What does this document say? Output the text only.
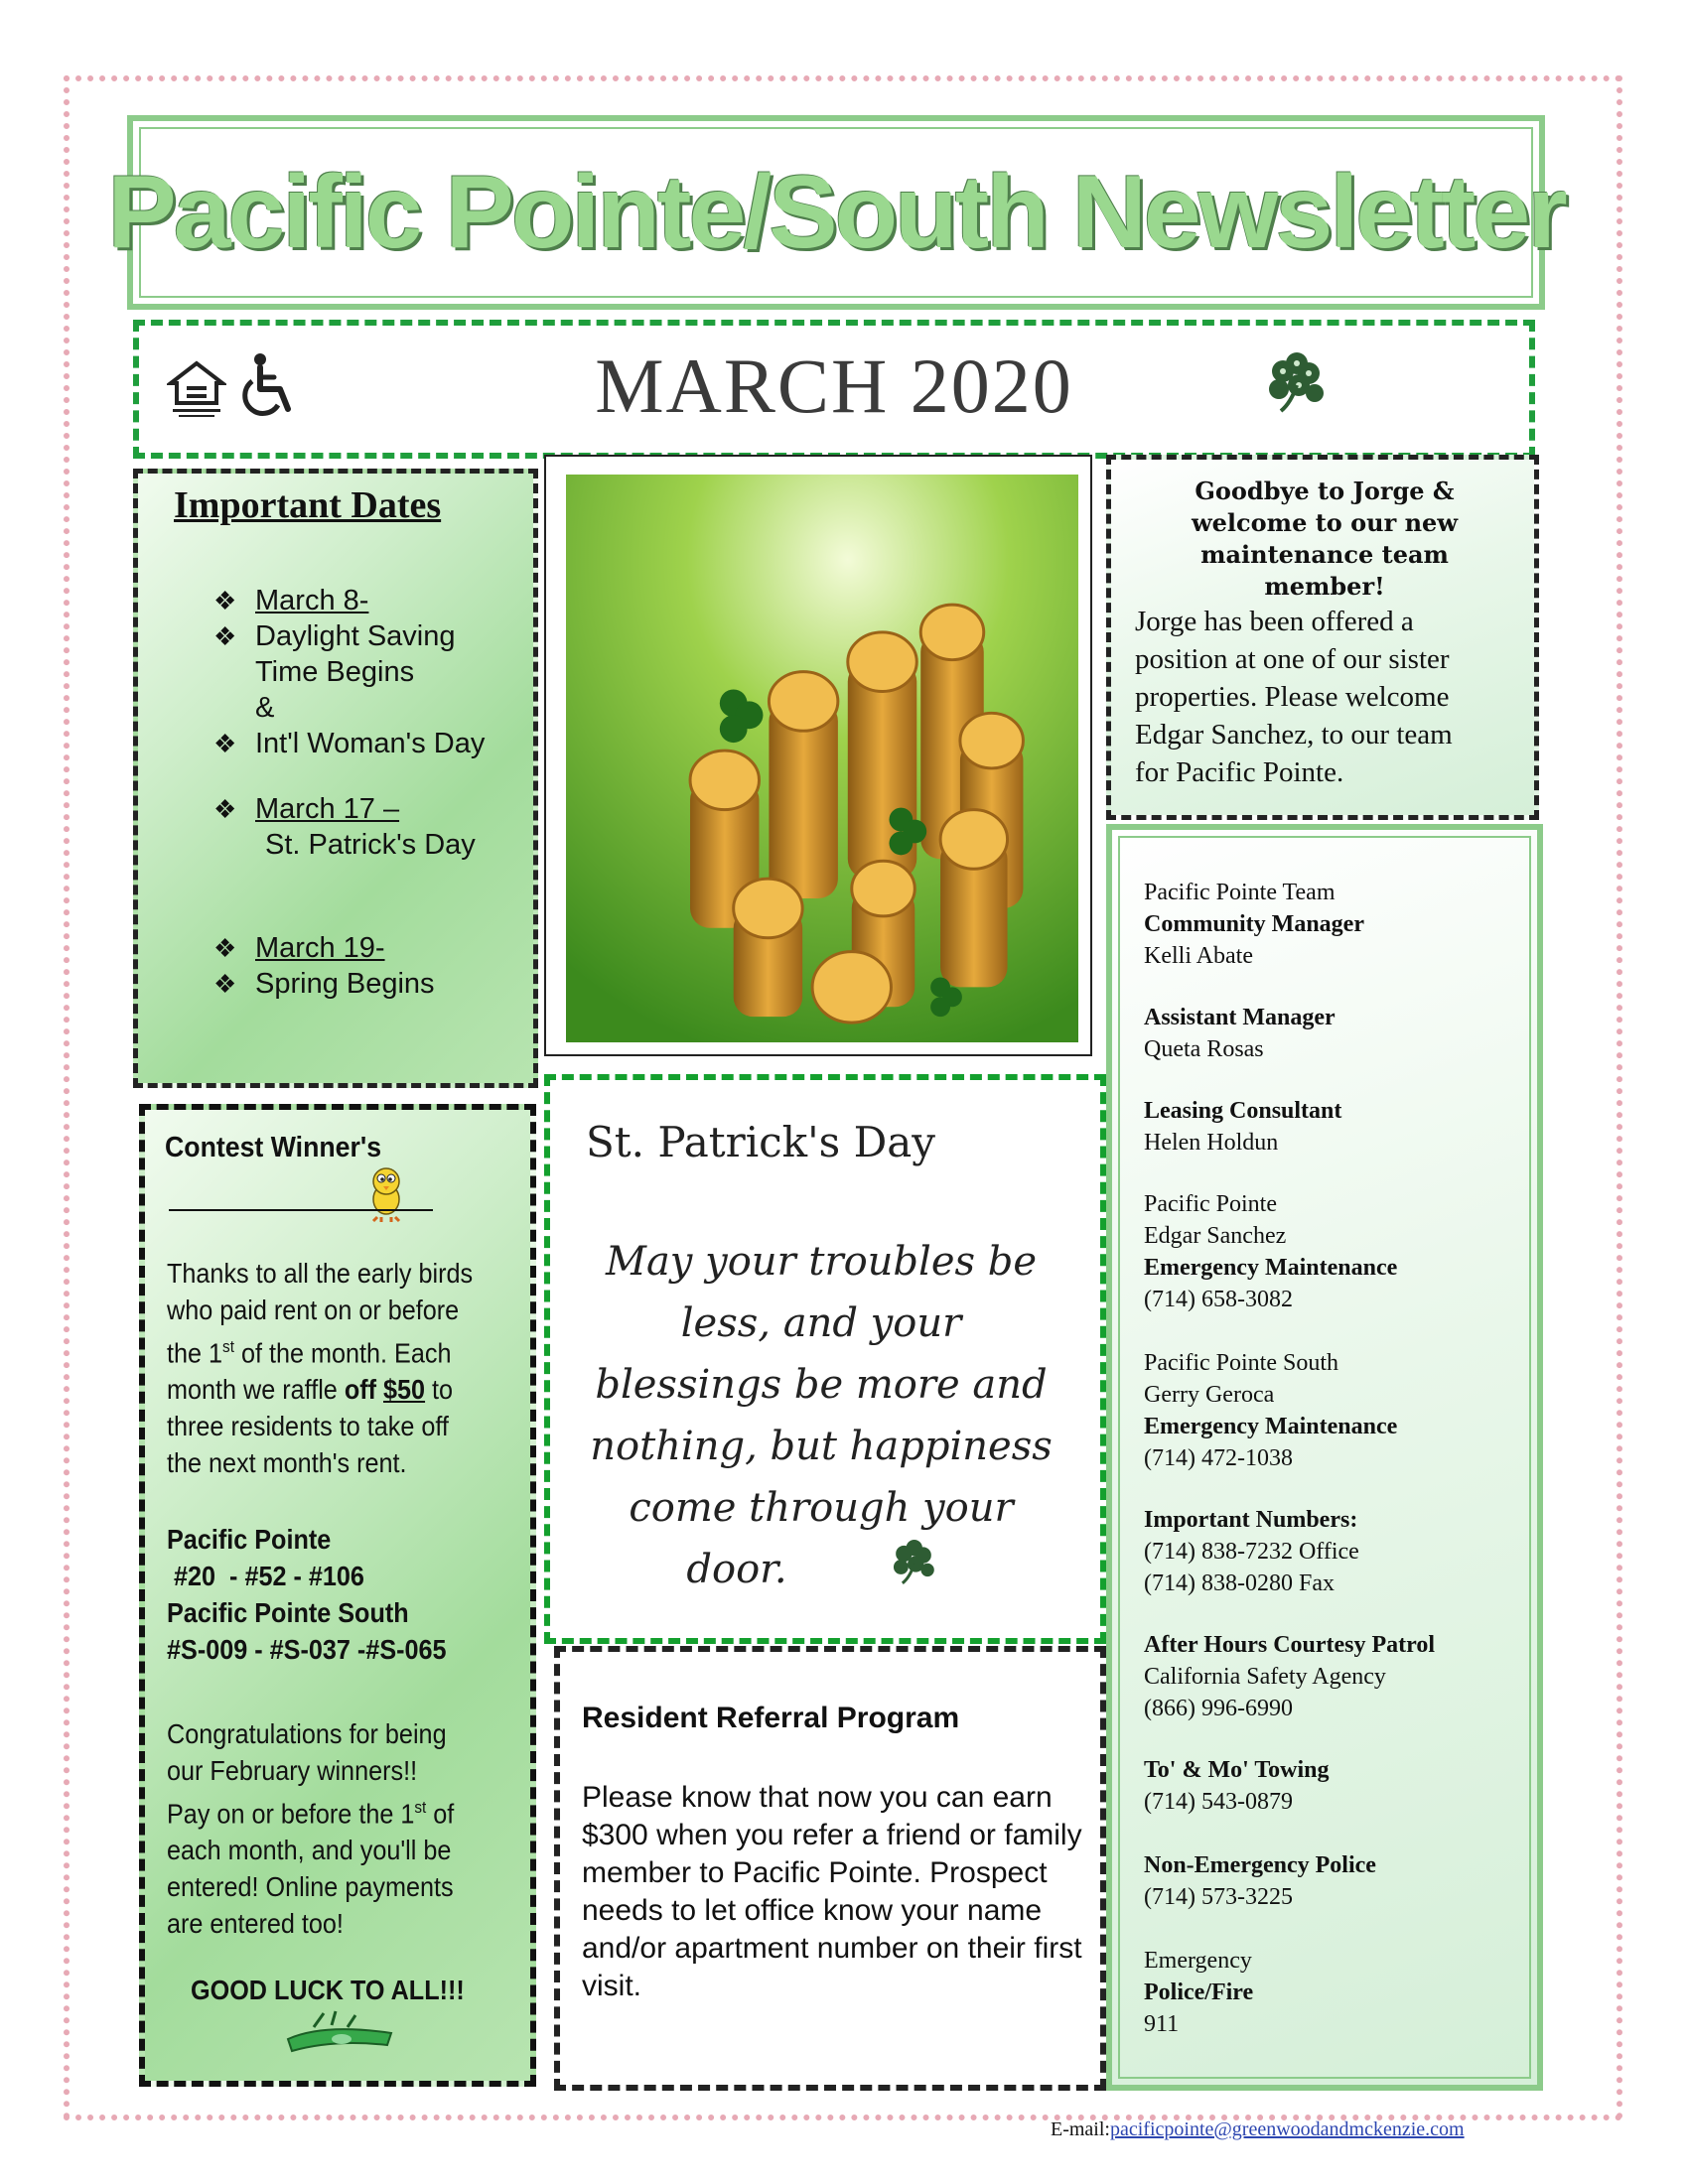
Pacific Pointe/South Newsletter
MARCH 2020
Important Dates
❖ March 8-
❖ Daylight Saving
Time Begins
&
❖ Int'l Woman's Day
❖ March 17 –
St. Patrick's Day
❖ March 19-
❖ Spring Begins
Contest Winner's
Thanks to all the early birds
who paid rent on or before
the 1st of the month. Each
month we raffle off $50 to
three residents to take off
the next month's rent.
Pacific Pointe
#20  - #52 - #106
Pacific Pointe South
#S-009 - #S-037 -#S-065
Congratulations for being
our February winners!!
Pay on or before the 1st of
each month, and you'll be
entered! Online payments
are entered too!
GOOD LUCK TO ALL!!!
St. Patrick's Day
May your troubles be
less, and your
blessings be more and
nothing, but happiness
come through your
door.
Resident Referral Program
Please know that now you can earn $300 when you refer a friend or family member to Pacific Pointe. Prospect needs to let office know your name and/or apartment number on their first visit.
Goodbye to Jorge &
welcome to our new
maintenance team
member!
Jorge has been offered a
position at one of our sister
properties. Please welcome
Edgar Sanchez, to our team
for Pacific Pointe.
Pacific Pointe Team
Community Manager
Kelli Abate
Assistant Manager
Queta Rosas
Leasing Consultant
Helen Holdun
Pacific Pointe
Edgar Sanchez
Emergency Maintenance
(714) 658-3082
Pacific Pointe South
Gerry Geroca
Emergency Maintenance
(714) 472-1038
Important Numbers:
(714) 838-7232 Office
(714) 838-0280 Fax
After Hours Courtesy Patrol
California Safety Agency
(866) 996-6990
To' & Mo' Towing
(714) 543-0879
Non-Emergency Police
(714) 573-3225
Emergency
Police/Fire
911
E-mail:pacificpointe@greenwoodandmckenzie.com
